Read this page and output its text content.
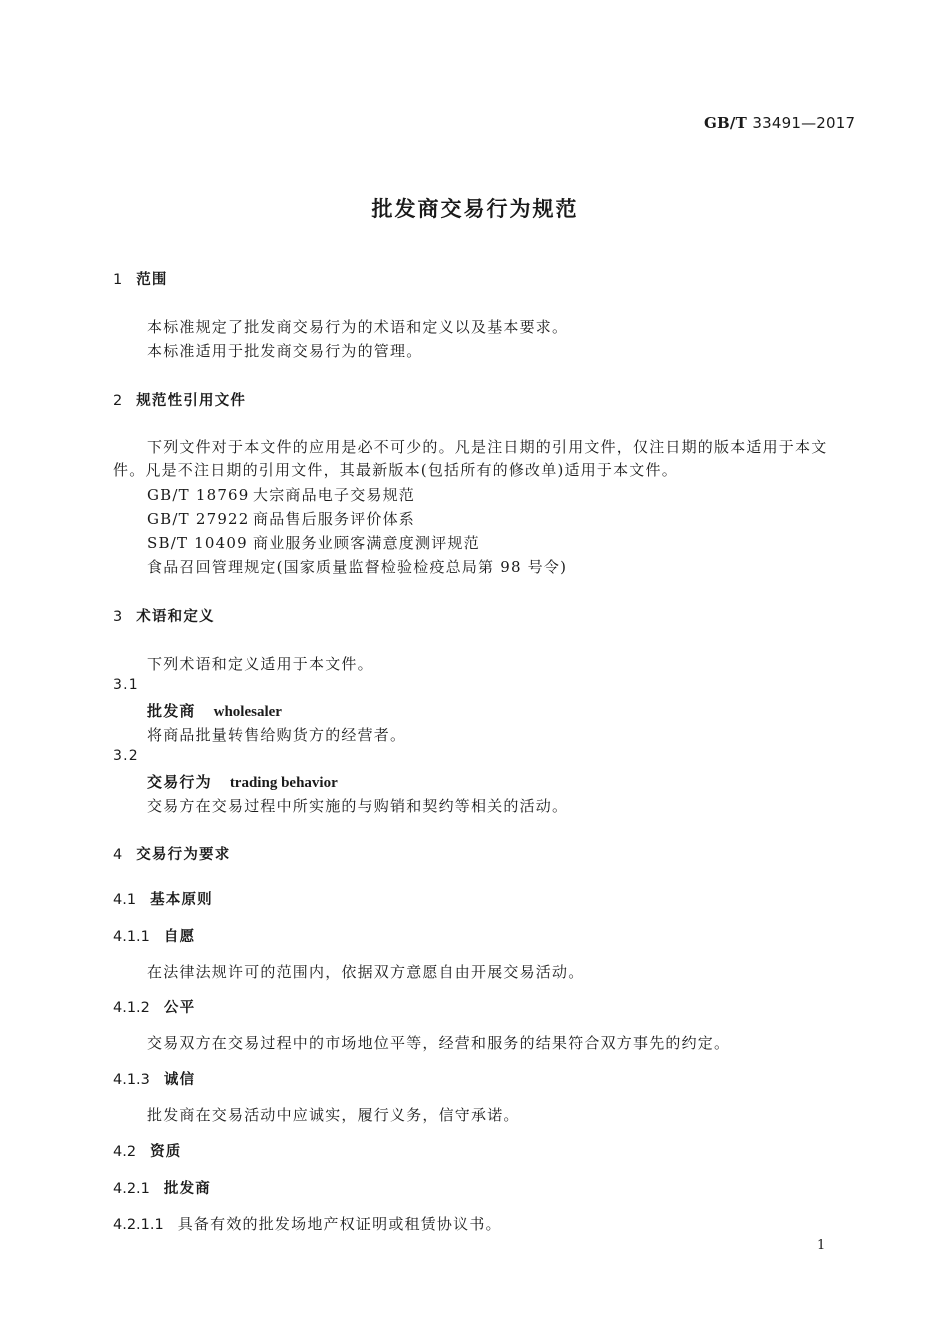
GB/T 33491—2017
批发商交易行为规范
1 范围
本标准规定了批发商交易行为的术语和定义以及基本要求。
本标准适用于批发商交易行为的管理。
2 规范性引用文件
下列文件对于本文件的应用是必不可少的。凡是注日期的引用文件，仅注日期的版本适用于本文件。凡是不注日期的引用文件，其最新版本(包括所有的修改单)适用于本文件。
GB/T 18769 大宗商品电子交易规范
GB/T 27922 商品售后服务评价体系
SB/T 10409 商业服务业顾客满意度测评规范
食品召回管理规定(国家质量监督检验检疫总局第 98 号令)
3 术语和定义
下列术语和定义适用于本文件。
3.1
批发商 wholesaler
将商品批量转售给购货方的经营者。
3.2
交易行为 trading behavior
交易方在交易过程中所实施的与购销和契约等相关的活动。
4 交易行为要求
4.1 基本原则
4.1.1 自愿
在法律法规许可的范围内，依据双方意愿自由开展交易活动。
4.1.2 公平
交易双方在交易过程中的市场地位平等，经营和服务的结果符合双方事先的约定。
4.1.3 诚信
批发商在交易活动中应诚实，履行义务，信守承诺。
4.2 资质
4.2.1 批发商
4.2.1.1 具备有效的批发场地产权证明或租赁协议书。
1
